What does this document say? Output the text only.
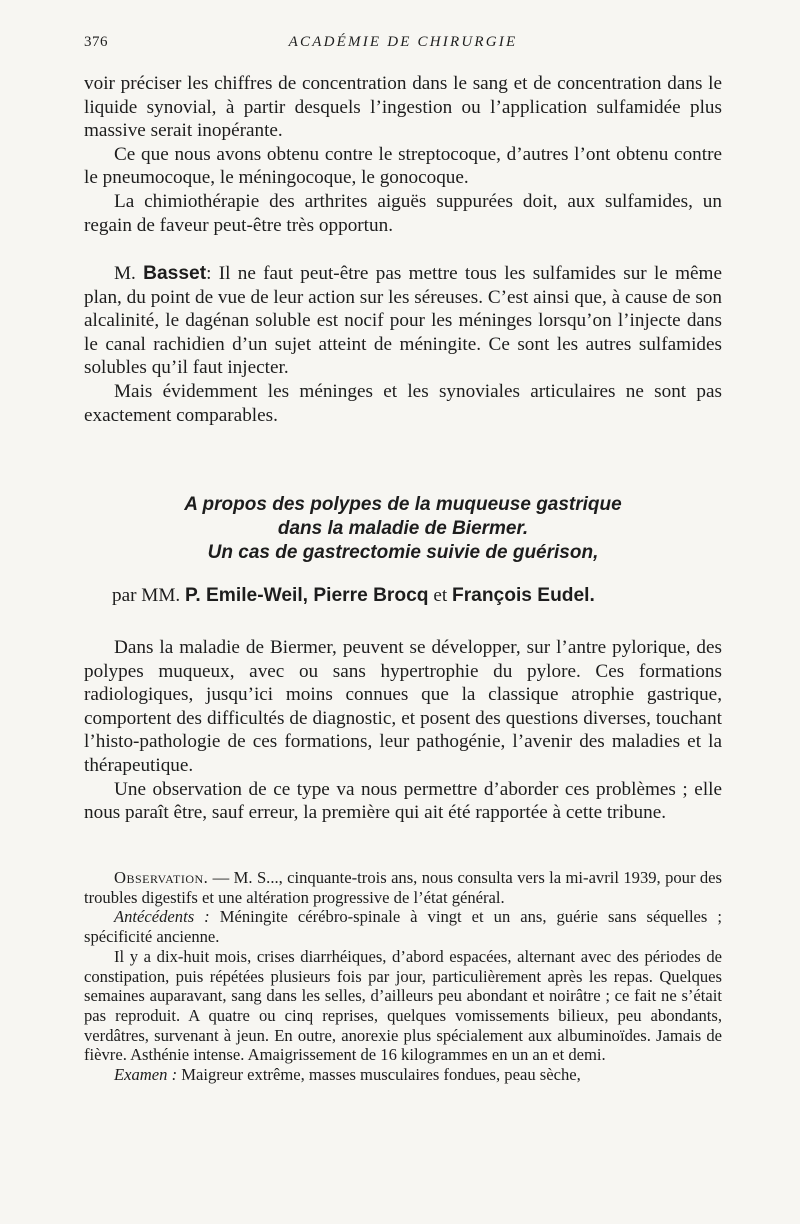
376	ACADÉMIE DE CHIRURGIE

voir préciser les chiffres de concentration dans le sang et de concentration dans le liquide synovial, à partir desquels l’ingestion ou l’application sulfamidée plus massive serait inopérante.

Ce que nous avons obtenu contre le streptocoque, d’autres l’ont obtenu contre le pneumocoque, le méningocoque, le gonocoque.

La chimiothérapie des arthrites aiguës suppurées doit, aux sulfamides, un regain de faveur peut-être très opportun.

M. Basset: Il ne faut peut-être pas mettre tous les sulfamides sur le même plan, du point de vue de leur action sur les séreuses. C’est ainsi que, à cause de son alcalinité, le dagénan soluble est nocif pour les méninges lorsqu’on l’injecte dans le canal rachidien d’un sujet atteint de méningite. Ce sont les autres sulfamides solubles qu’il faut injecter.

Mais évidemment les méninges et les synoviales articulaires ne sont pas exactement comparables.

A propos des polypes de la muqueuse gastrique
dans la maladie de Biermer.
Un cas de gastrectomie suivie de guérison,
par MM. P. Emile-Weil, Pierre Brocq et François Eudel.

Dans la maladie de Biermer, peuvent se développer, sur l’antre pylorique, des polypes muqueux, avec ou sans hypertrophie du pylore. Ces formations radiologiques, jusqu’ici moins connues que la classique atrophie gastrique, comportent des difficultés de diagnostic, et posent des questions diverses, touchant l’histo-pathologie de ces formations, leur pathogénie, l’avenir des maladies et la thérapeutique.

Une observation de ce type va nous permettre d’aborder ces problèmes ; elle nous paraît être, sauf erreur, la première qui ait été rapportée à cette tribune.

Observation. — M. S..., cinquante-trois ans, nous consulta vers la mi-avril 1939, pour des troubles digestifs et une altération progressive de l’état général.

Antécédents : Méningite cérébro-spinale à vingt et un ans, guérie sans séquelles ; spécificité ancienne.

Il y a dix-huit mois, crises diarrhéiques, d’abord espacées, alternant avec des périodes de constipation, puis répétées plusieurs fois par jour, particulièrement après les repas. Quelques semaines auparavant, sang dans les selles, d’ailleurs peu abondant et noirâtre ; ce fait ne s’était pas reproduit. A quatre ou cinq reprises, quelques vomissements bilieux, peu abondants, verdâtres, survenant à jeun. En outre, anorexie plus spécialement aux albuminoïdes. Jamais de fièvre. Asthénie intense. Amaigrissement de 16 kilogrammes en un an et demi.

Examen : Maigreur extrême, masses musculaires fondues, peau sèche,
